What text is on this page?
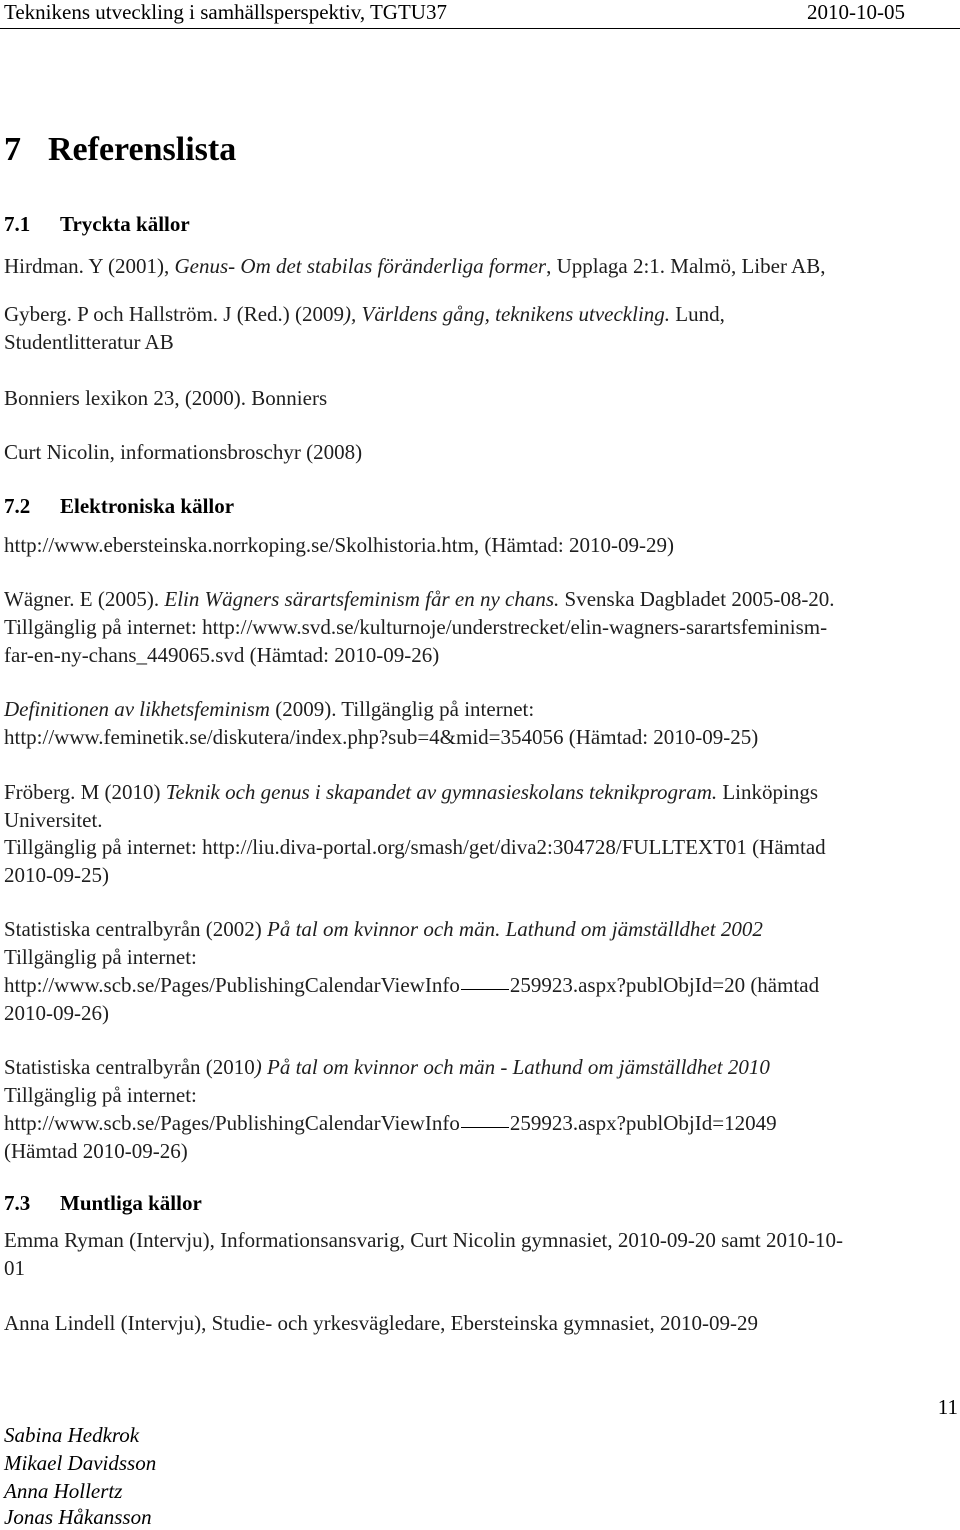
Teknikens utveckling i samhällsperspektiv, TGTU37	2010-10-05
7 Referenslista
7.1 Tryckta källor
Hirdman. Y (2001), Genus- Om det stabilas föränderliga former, Upplaga 2:1. Malmö, Liber AB,
Gyberg. P och Hallström. J (Red.) (2009), Världens gång, teknikens utveckling. Lund,
Studentlitteratur AB
Bonniers lexikon 23, (2000). Bonniers
Curt Nicolin, informationsbroschyr (2008)
7.2 Elektroniska källor
http://www.ebersteinska.norrkoping.se/Skolhistoria.htm, (Hämtad: 2010-09-29)
Wägner. E (2005). Elin Wägners särartsfeminism får en ny chans. Svenska Dagbladet 2005-08-20.
Tillgänglig på internet: http://www.svd.se/kulturnoje/understrecket/elin-wagners-sarartsfeminism-
far-en-ny-chans_449065.svd (Hämtad: 2010-09-26)
Definitionen av likhetsfeminism (2009). Tillgänglig på internet:
http://www.feminetik.se/diskutera/index.php?sub=4&mid=354056 (Hämtad: 2010-09-25)
Fröberg. M (2010) Teknik och genus i skapandet av gymnasieskolans teknikprogram. Linköpings
Universitet.
Tillgänglig på internet: http://liu.diva-portal.org/smash/get/diva2:304728/FULLTEXT01 (Hämtad
2010-09-25)
Statistiska centralbyrån (2002) På tal om kvinnor och män. Lathund om jämställdhet 2002
Tillgänglig på internet:
http://www.scb.se/Pages/PublishingCalendarViewInfo 259923.aspx?publObjId=20 (hämtad
2010-09-26)
Statistiska centralbyrån (2010) På tal om kvinnor och män - Lathund om jämställdhet 2010
Tillgänglig på internet:
http://www.scb.se/Pages/PublishingCalendarViewInfo 259923.aspx?publObjId=12049
(Hämtad 2010-09-26)
7.3 Muntliga källor
Emma Ryman (Intervju), Informationsansvarig, Curt Nicolin gymnasiet, 2010-09-20 samt 2010-10-
01
Anna Lindell (Intervju), Studie- och yrkesvägledare, Ebersteinska gymnasiet, 2010-09-29
11
Sabina Hedkrok
Mikael Davidsson
Anna Hollertz
Jonas Håkansson
